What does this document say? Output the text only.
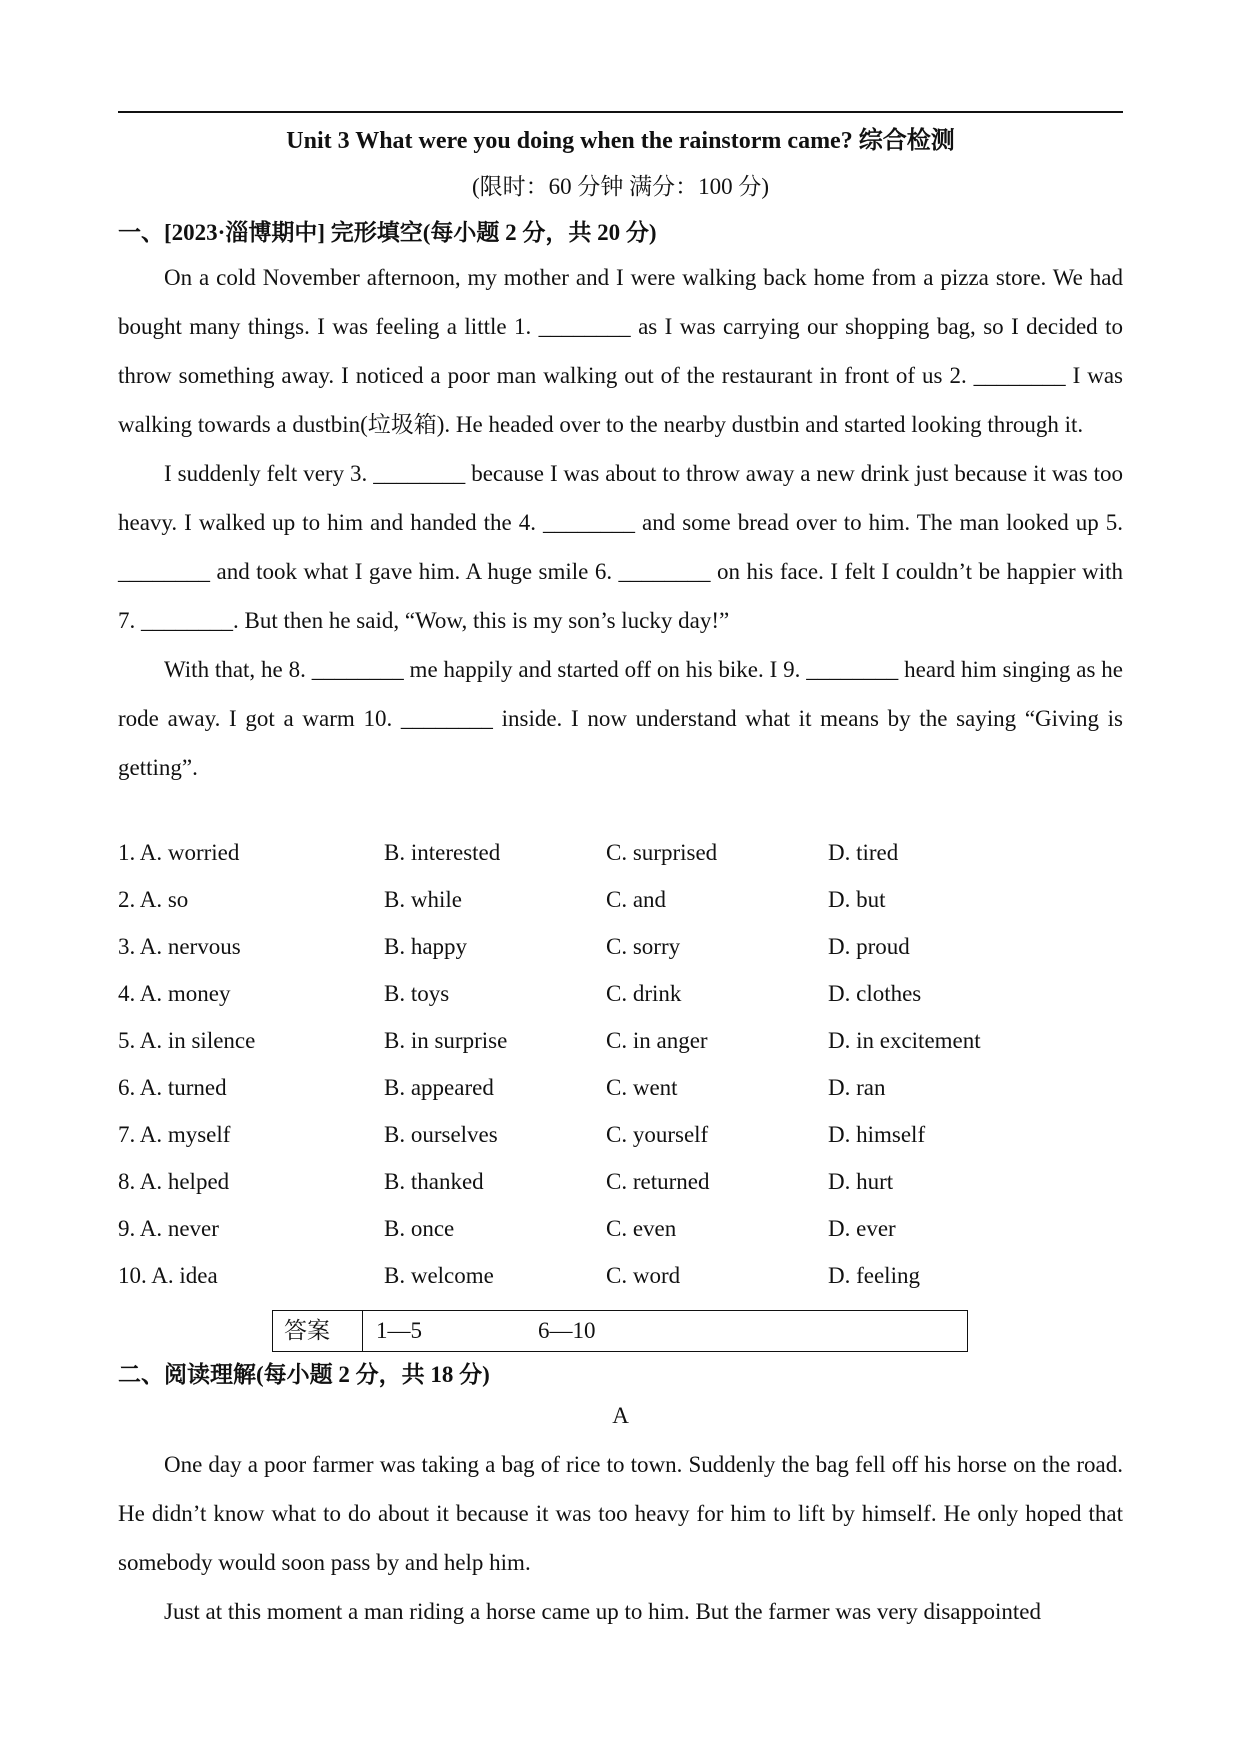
Unit 3 What were you doing when the rainstorm came? 综合检测
(限时：60 分钟 满分：100 分)
一、[2023·淄博期中] 完形填空(每小题 2 分，共 20 分)

On a cold November afternoon, my mother and I were walking back home from a pizza store. We had bought many things. I was feeling a little 1. ________ as I was carrying our shopping bag, so I decided to throw something away. I noticed a poor man walking out of the restaurant in front of us 2. ________ I was walking towards a dustbin(垃圾箱). He headed over to the nearby dustbin and started looking through it.

I suddenly felt very 3. ________ because I was about to throw away a new drink just because it was too heavy. I walked up to him and handed the 4. ________ and some bread over to him. The man looked up 5. ________ and took what I gave him. A huge smile 6. ________ on his face. I felt I couldn’t be happier with 7. ________. But then he said, “Wow, this is my son’s lucky day!”

With that, he 8. ________ me happily and started off on his bike. I 9. ________ heard him singing as he rode away. I got a warm 10. ________ inside. I now understand what it means by the saying “Giving is getting”.

1. A. worried	B. interested	C. surprised	D. tired
2. A. so	B. while	C. and	D. but
3. A. nervous	B. happy	C. sorry	D. proud
4. A. money	B. toys	C. drink	D. clothes
5. A. in silence	B. in surprise	C. in anger	D. in excitement
6. A. turned	B. appeared	C. went	D. ran
7. A. myself	B. ourselves	C. yourself	D. himself
8. A. helped	B. thanked	C. returned	D. hurt
9. A. never	B. once	C. even	D. ever
10. A. idea	B. welcome	C. word	D. feeling
答案	1—5	6—10
二、阅读理解(每小题 2 分，共 18 分)
A

One day a poor farmer was taking a bag of rice to town. Suddenly the bag fell off his horse on the road. He didn’t know what to do about it because it was too heavy for him to lift by himself. He only hoped that somebody would soon pass by and help him.

Just at this moment a man riding a horse came up to him. But the farmer was very disappointed
